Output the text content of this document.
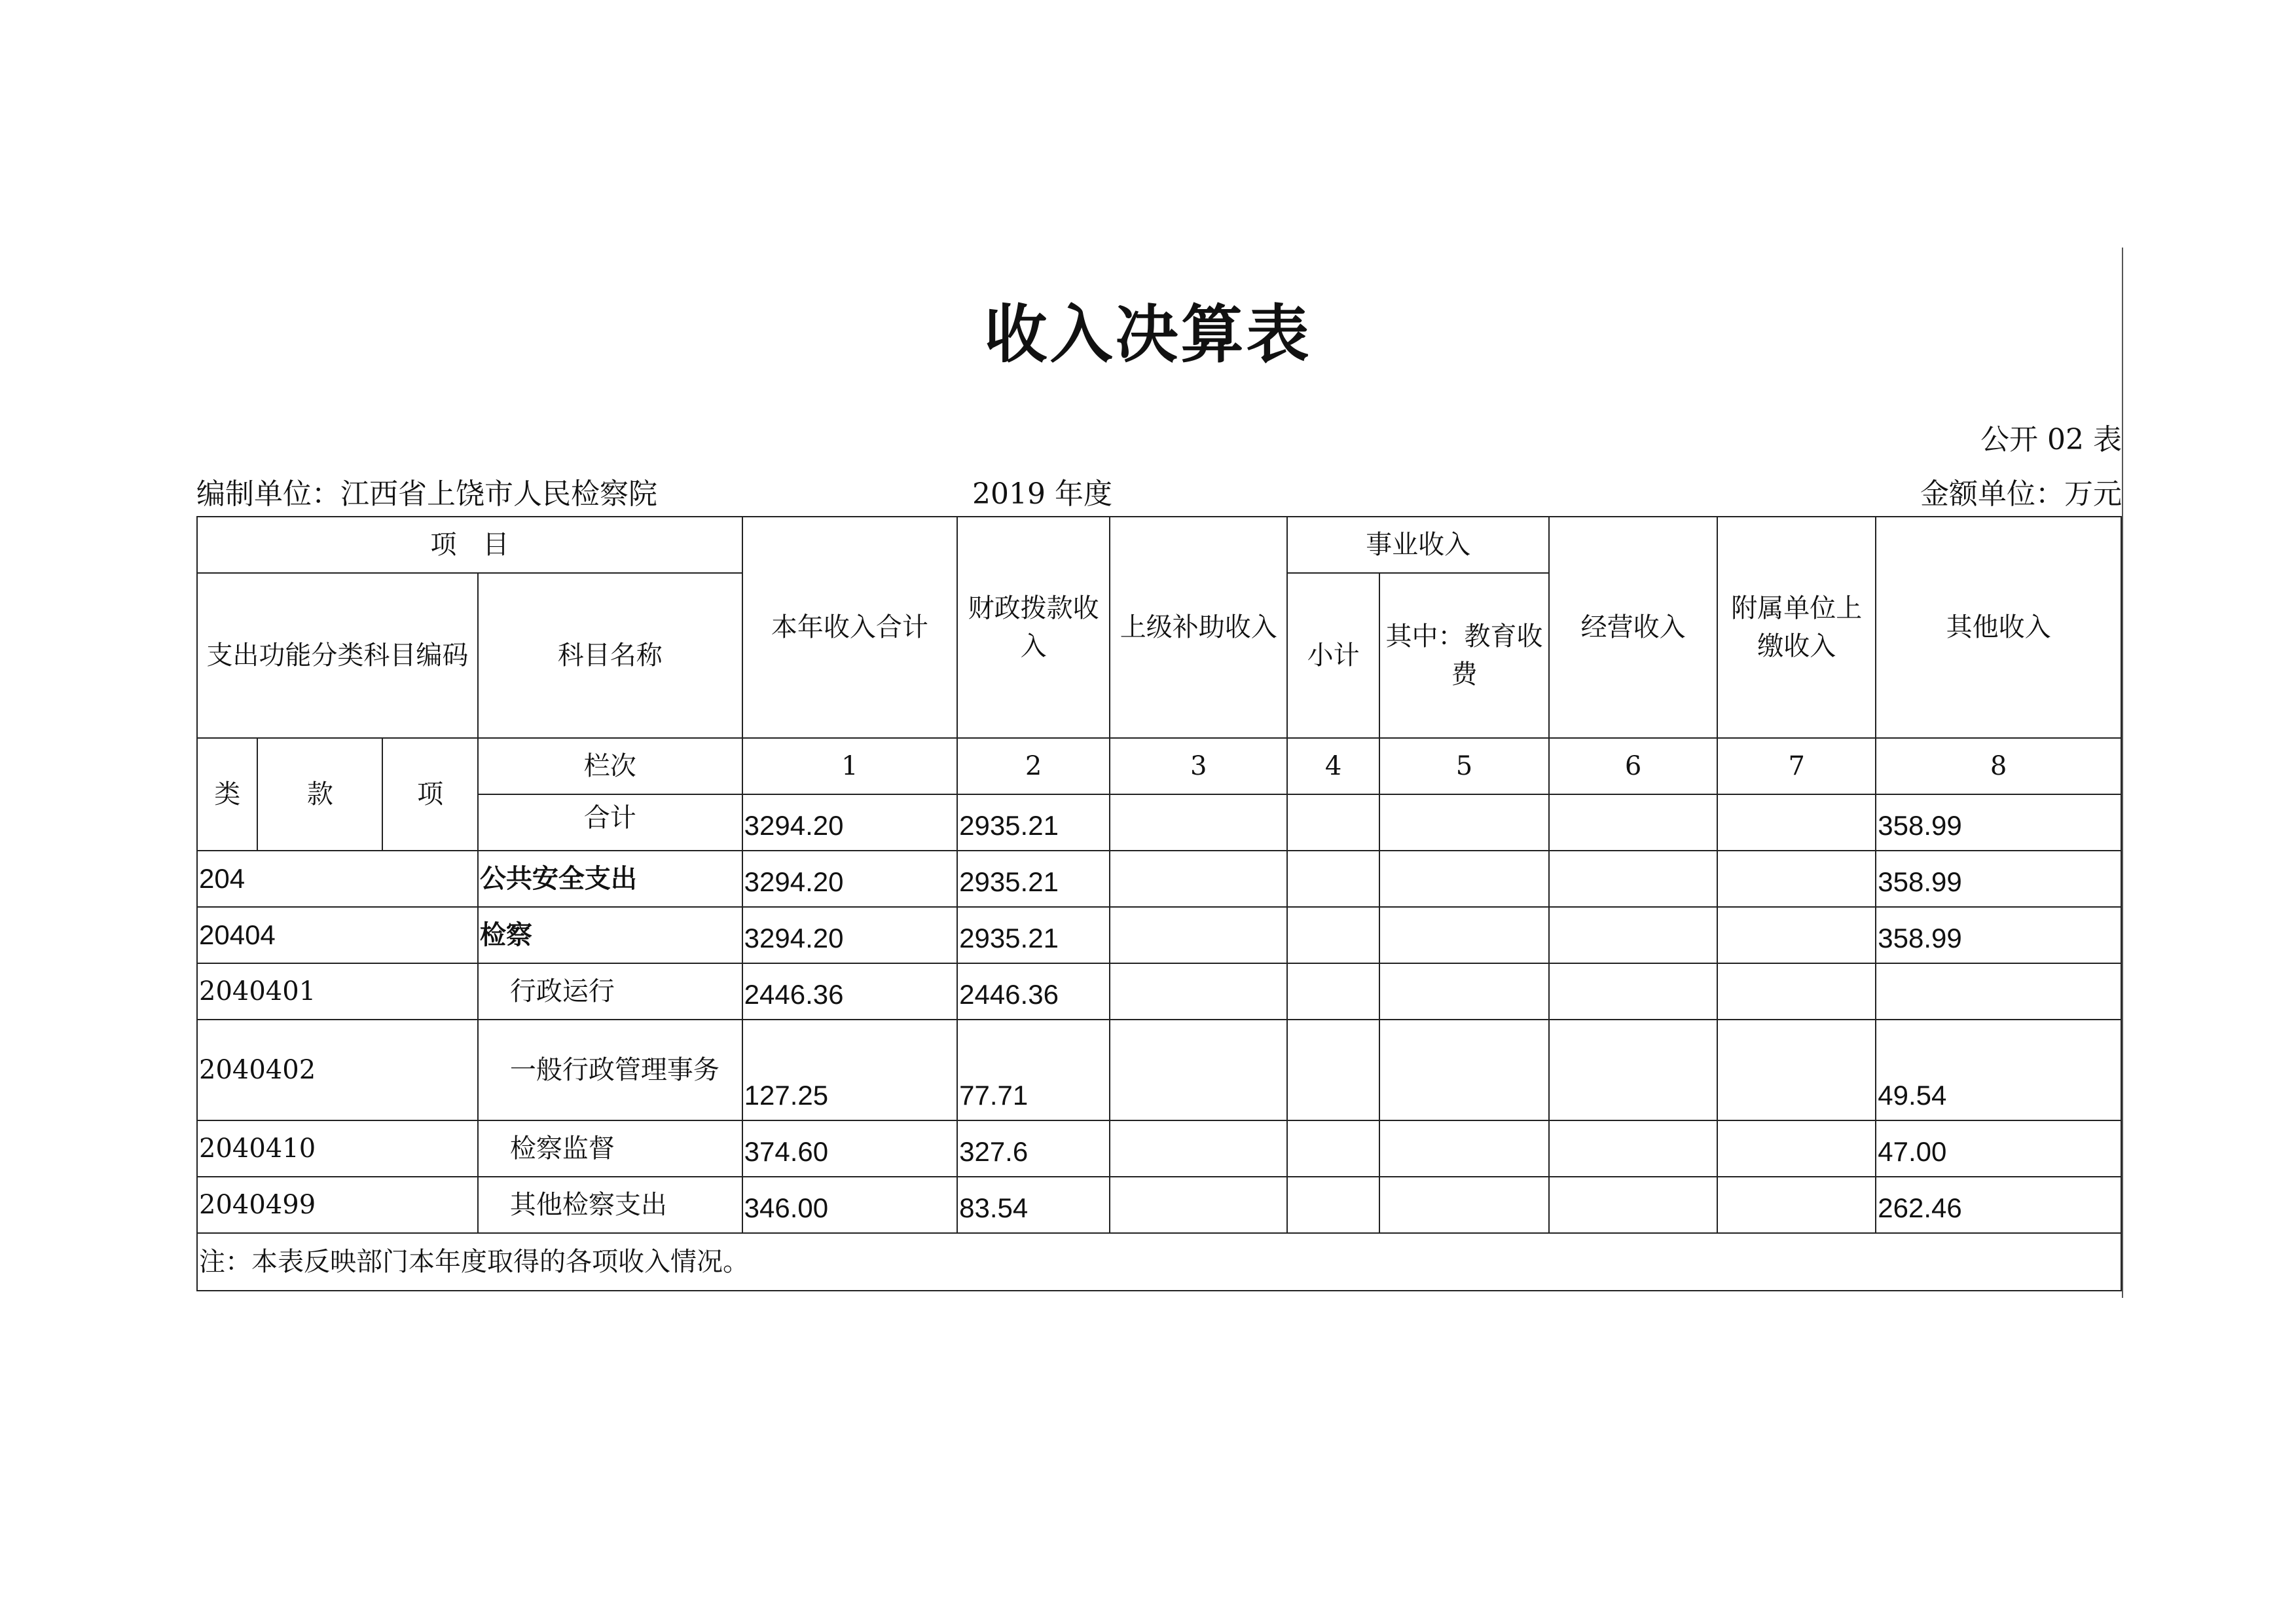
收入决算表
公开 02 表
编制单位：江西省上饶市人民检察院	2019 年度	金额单位：万元
项　目				本年收入合计	财政拨款收入	上级补助收入	事业收入		经营收入	附属单位上缴收入	其他收入
支出功能分类科目编码			科目名称				小计	其中：教育收费			
类	款	项	栏次	1	2	3	4	5	6	7	8
			合计	3294.20	2935.21						358.99
204			公共安全支出	3294.20	2935.21						358.99
20404			检察	3294.20	2935.21						358.99
2040401			行政运行	2446.36	2446.36						
2040402			一般行政管理事务	127.25	77.71						49.54
2040410			检察监督	374.60	327.6						47.00
2040499			其他检察支出	346.00	83.54						262.46
注：本表反映部门本年度取得的各项收入情况。											
